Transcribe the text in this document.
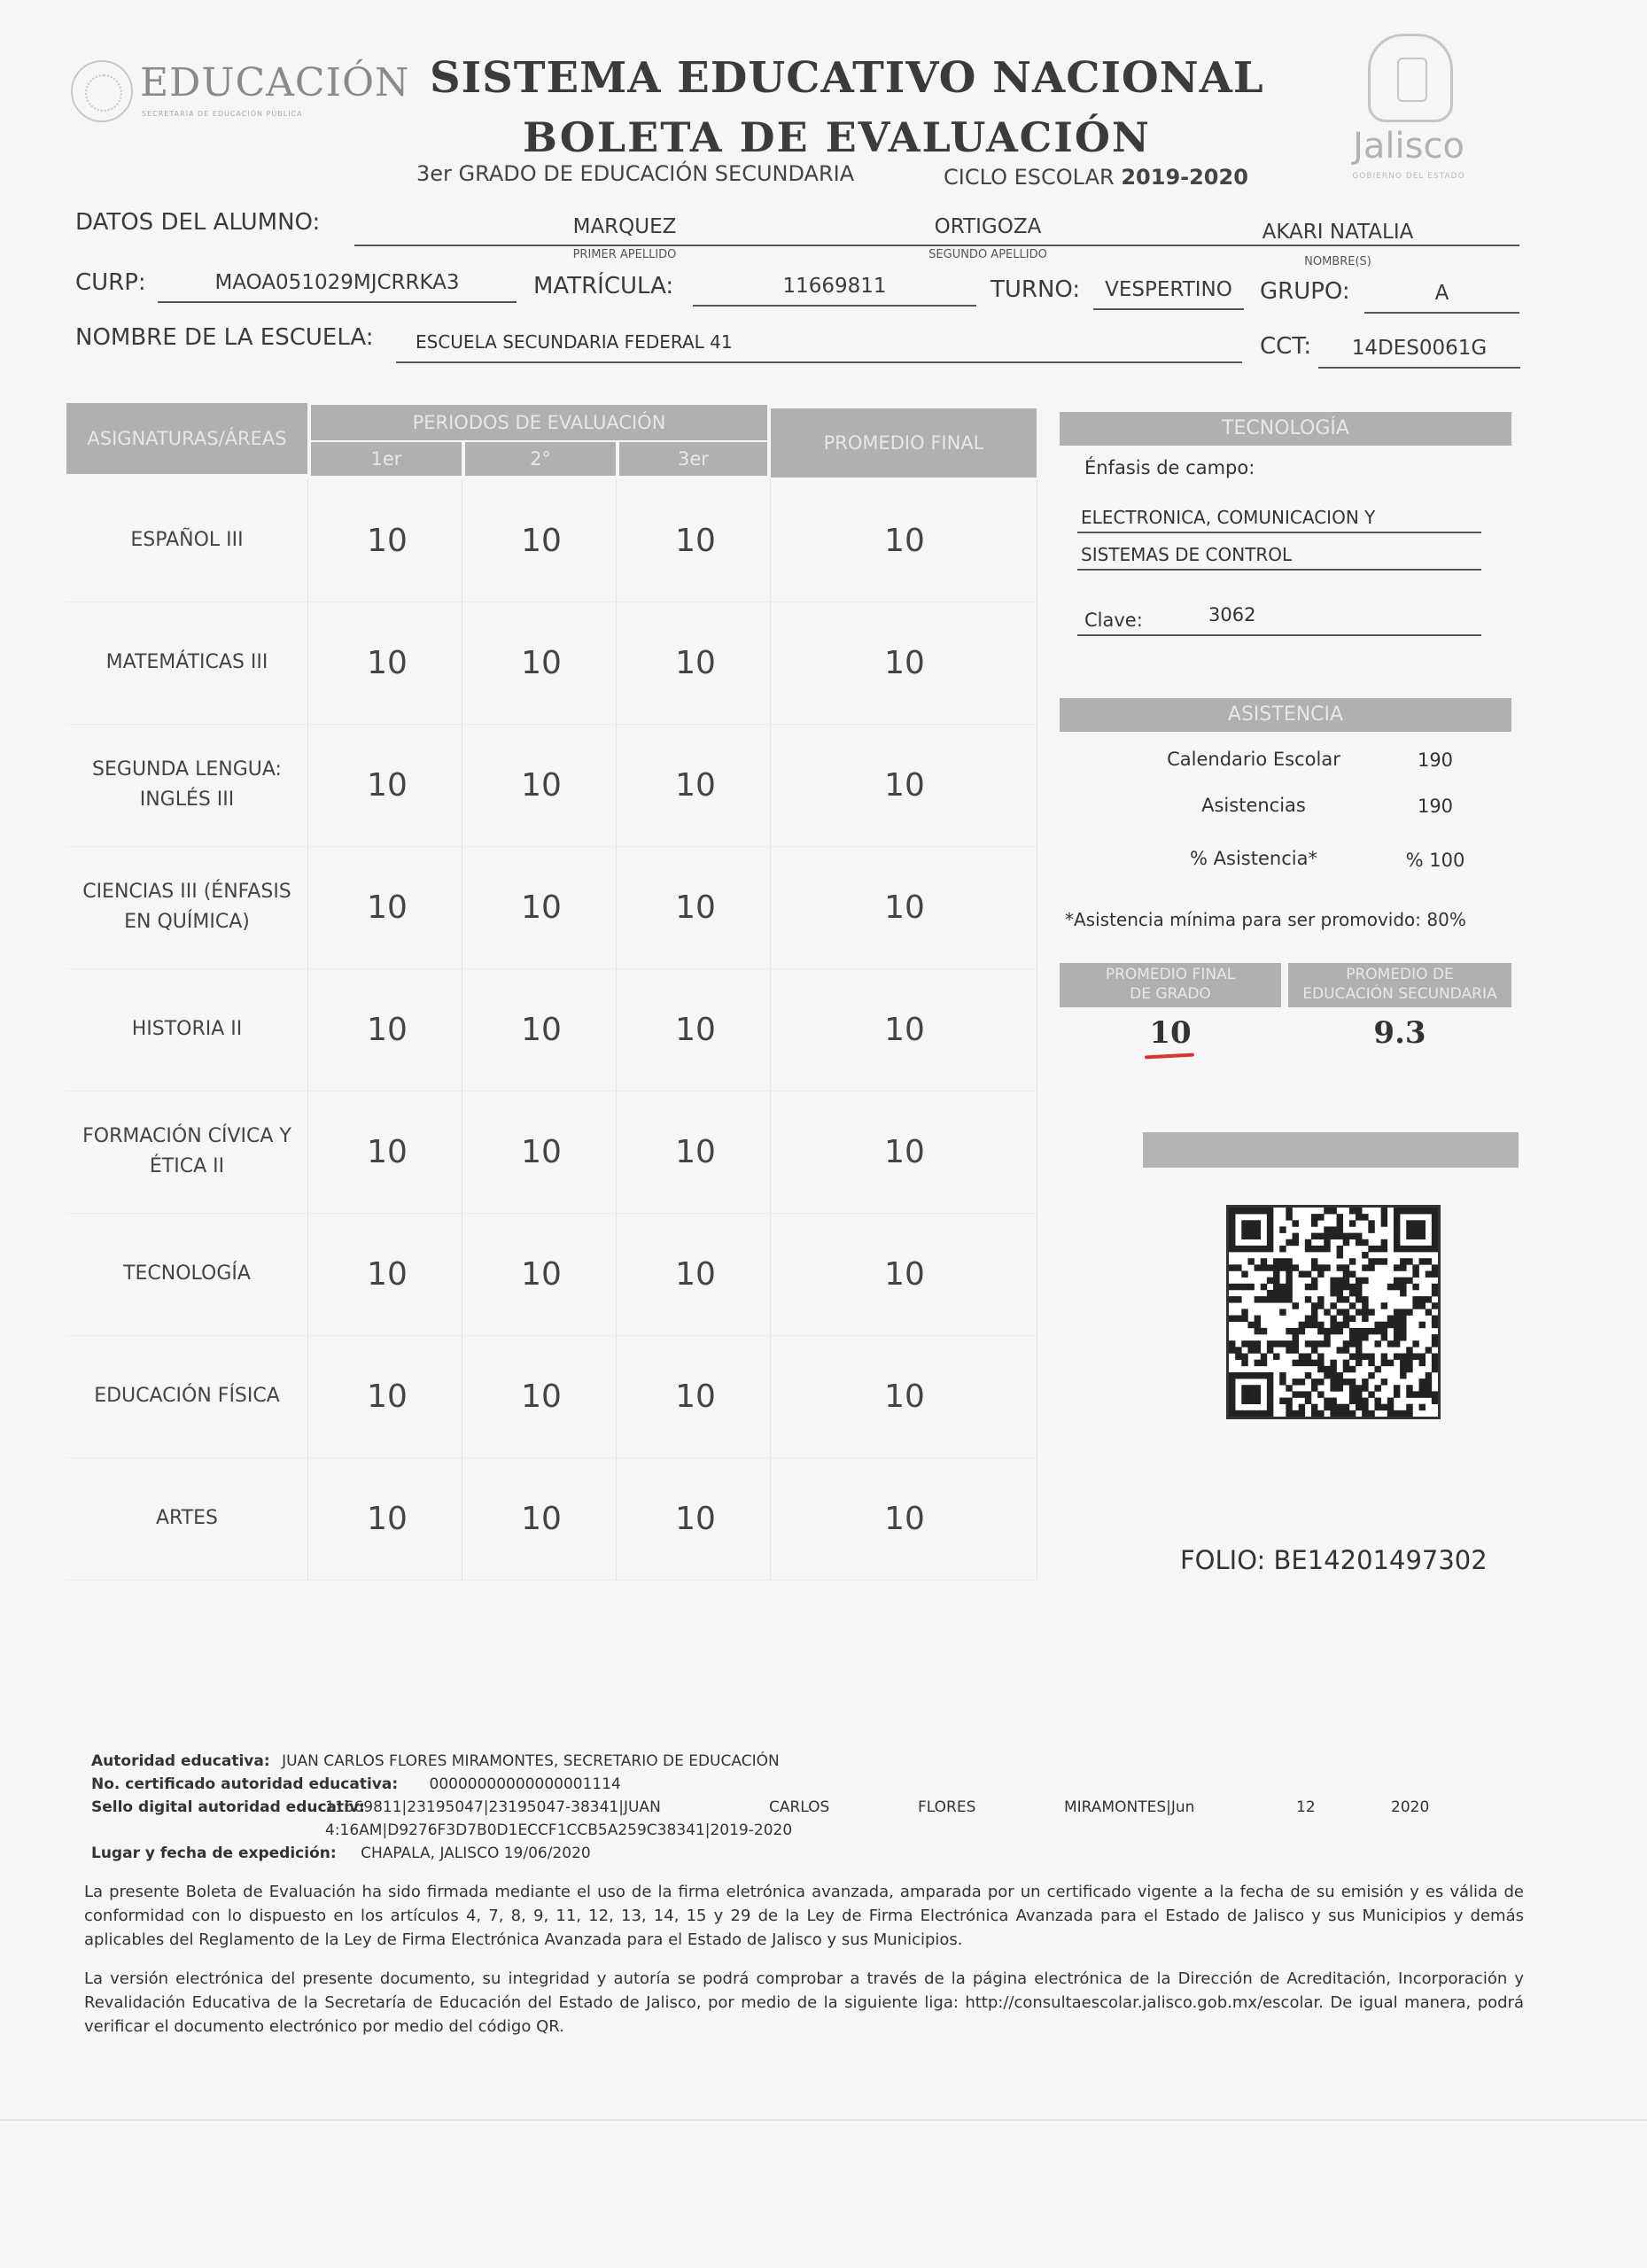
EDUCACIÓN
SECRETARÍA DE EDUCACIÓN PÚBLICA
SISTEMA EDUCATIVO NACIONAL
BOLETA DE EVALUACIÓN
3er GRADO DE EDUCACIÓN SECUNDARIA	CICLO ESCOLAR 2019-2020
Jalisco
GOBIERNO DEL ESTADO
DATOS DEL ALUMNO:	MARQUEZ
PRIMER APELLIDO
ORTIGOZA
SEGUNDO APELLIDO
AKARI NATALIA
NOMBRE(S)
CURP:	MAOA051029MJCRRKA3	MATRÍCULA:	11669811	TURNO:	VESPERTINO	GRUPO:	A
NOMBRE DE LA ESCUELA: ESCUELA SECUNDARIA FEDERAL 41	CCT:	14DES0061G
ASIGNATURAS/ÁREAS
PERIODOS DE EVALUACIÓN
1er	2°	3er
PROMEDIO FINAL
ESPAÑOL III	10	10	10	10
MATEMÁTICAS III	10	10	10	10
SEGUNDA LENGUA:
INGLÉS III	10	10	10	10
CIENCIAS III (ÉNFASIS
EN QUÍMICA)	10	10	10	10
HISTORIA II	10	10	10	10
FORMACIÓN CÍVICA Y
ÉTICA II	10	10	10	10
TECNOLOGÍA	10	10	10	10
EDUCACIÓN FÍSICA	10	10	10	10
ARTES	10	10	10	10
TECNOLOGÍA
Énfasis de campo:
ELECTRONICA, COMUNICACION Y
SISTEMAS DE CONTROL
Clave:	3062
ASISTENCIA
Calendario Escolar	190
Asistencias	190
% Asistencia*	% 100
*Asistencia mínima para ser promovido: 80%
PROMEDIO FINAL
DE GRADO
PROMEDIO DE
EDUCACIÓN SECUNDARIA
10	9.3
FOLIO: BE14201497302
Autoridad educativa: JUAN CARLOS FLORES MIRAMONTES, SECRETARIO DE EDUCACIÓN
No. certificado autoridad educativa: 00000000000000001114
Sello digital autoridad educativ:
11669811|23195047|23195047-38341|JUAN	CARLOS	FLORES	MIRAMONTES|Jun	12	2020
4:16AM|D9276F3D7B0D1ECCF1CCB5A259C38341|2019-2020
Lugar y fecha de expedición: CHAPALA, JALISCO 19/06/2020
La presente Boleta de Evaluación ha sido firmada mediante el uso de la firma eletrónica avanzada, amparada por un certificado vigente a la fecha de su emisión y es válida de conformidad con lo dispuesto en los artículos 4, 7, 8, 9, 11, 12, 13, 14, 15 y 29 de la Ley de Firma Electrónica Avanzada para el Estado de Jalisco y sus Municipios y demás aplicables del Reglamento de la Ley de Firma Electrónica Avanzada para el Estado de Jalisco y sus Municipios.
La versión electrónica del presente documento, su integridad y autoría se podrá comprobar a través de la página electrónica de la Dirección de Acreditación, Incorporación y Revalidación Educativa de la Secretaría de Educación del Estado de Jalisco, por medio de la siguiente liga: http://consultaescolar.jalisco.gob.mx/escolar. De igual manera, podrá verificar el documento electrónico por medio del código QR.
